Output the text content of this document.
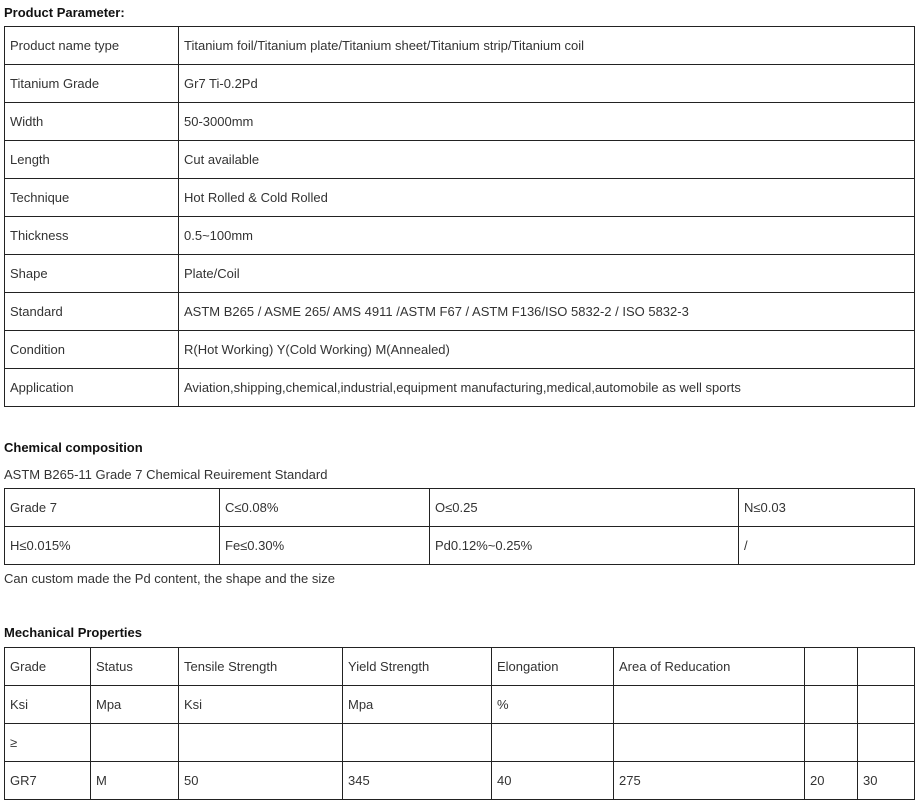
Product Parameter:

Product name type	Titanium foil/Titanium plate/Titanium sheet/Titanium strip/Titanium coil
Titanium Grade	Gr7 Ti-0.2Pd
Width	50-3000mm
Length	Cut available
Technique	Hot Rolled & Cold Rolled
Thickness	0.5~100mm
Shape	Plate/Coil
Standard	ASTM B265 / ASME 265/ AMS 4911 /ASTM F67 / ASTM F136/ISO 5832-2 / ISO 5832-3
Condition	R(Hot Working) Y(Cold Working) M(Annealed)
Application	Aviation,shipping,chemical,industrial,equipment manufacturing,medical,automobile as well sports

Chemical composition

ASTM B265-11 Grade 7 Chemical Reuirement Standard

Grade 7	C≤0.08%	O≤0.25	N≤0.03
H≤0.015%	Fe≤0.30%	Pd0.12%~0.25%	/

Can custom made the Pd content, the shape and the size

Mechanical Properties

Grade	Status	Tensile Strength	Yield Strength	Elongation	Area of Reducation		
Ksi	Mpa	Ksi	Mpa	%			
≥							
GR7	M	50	345	40	275	20	30
